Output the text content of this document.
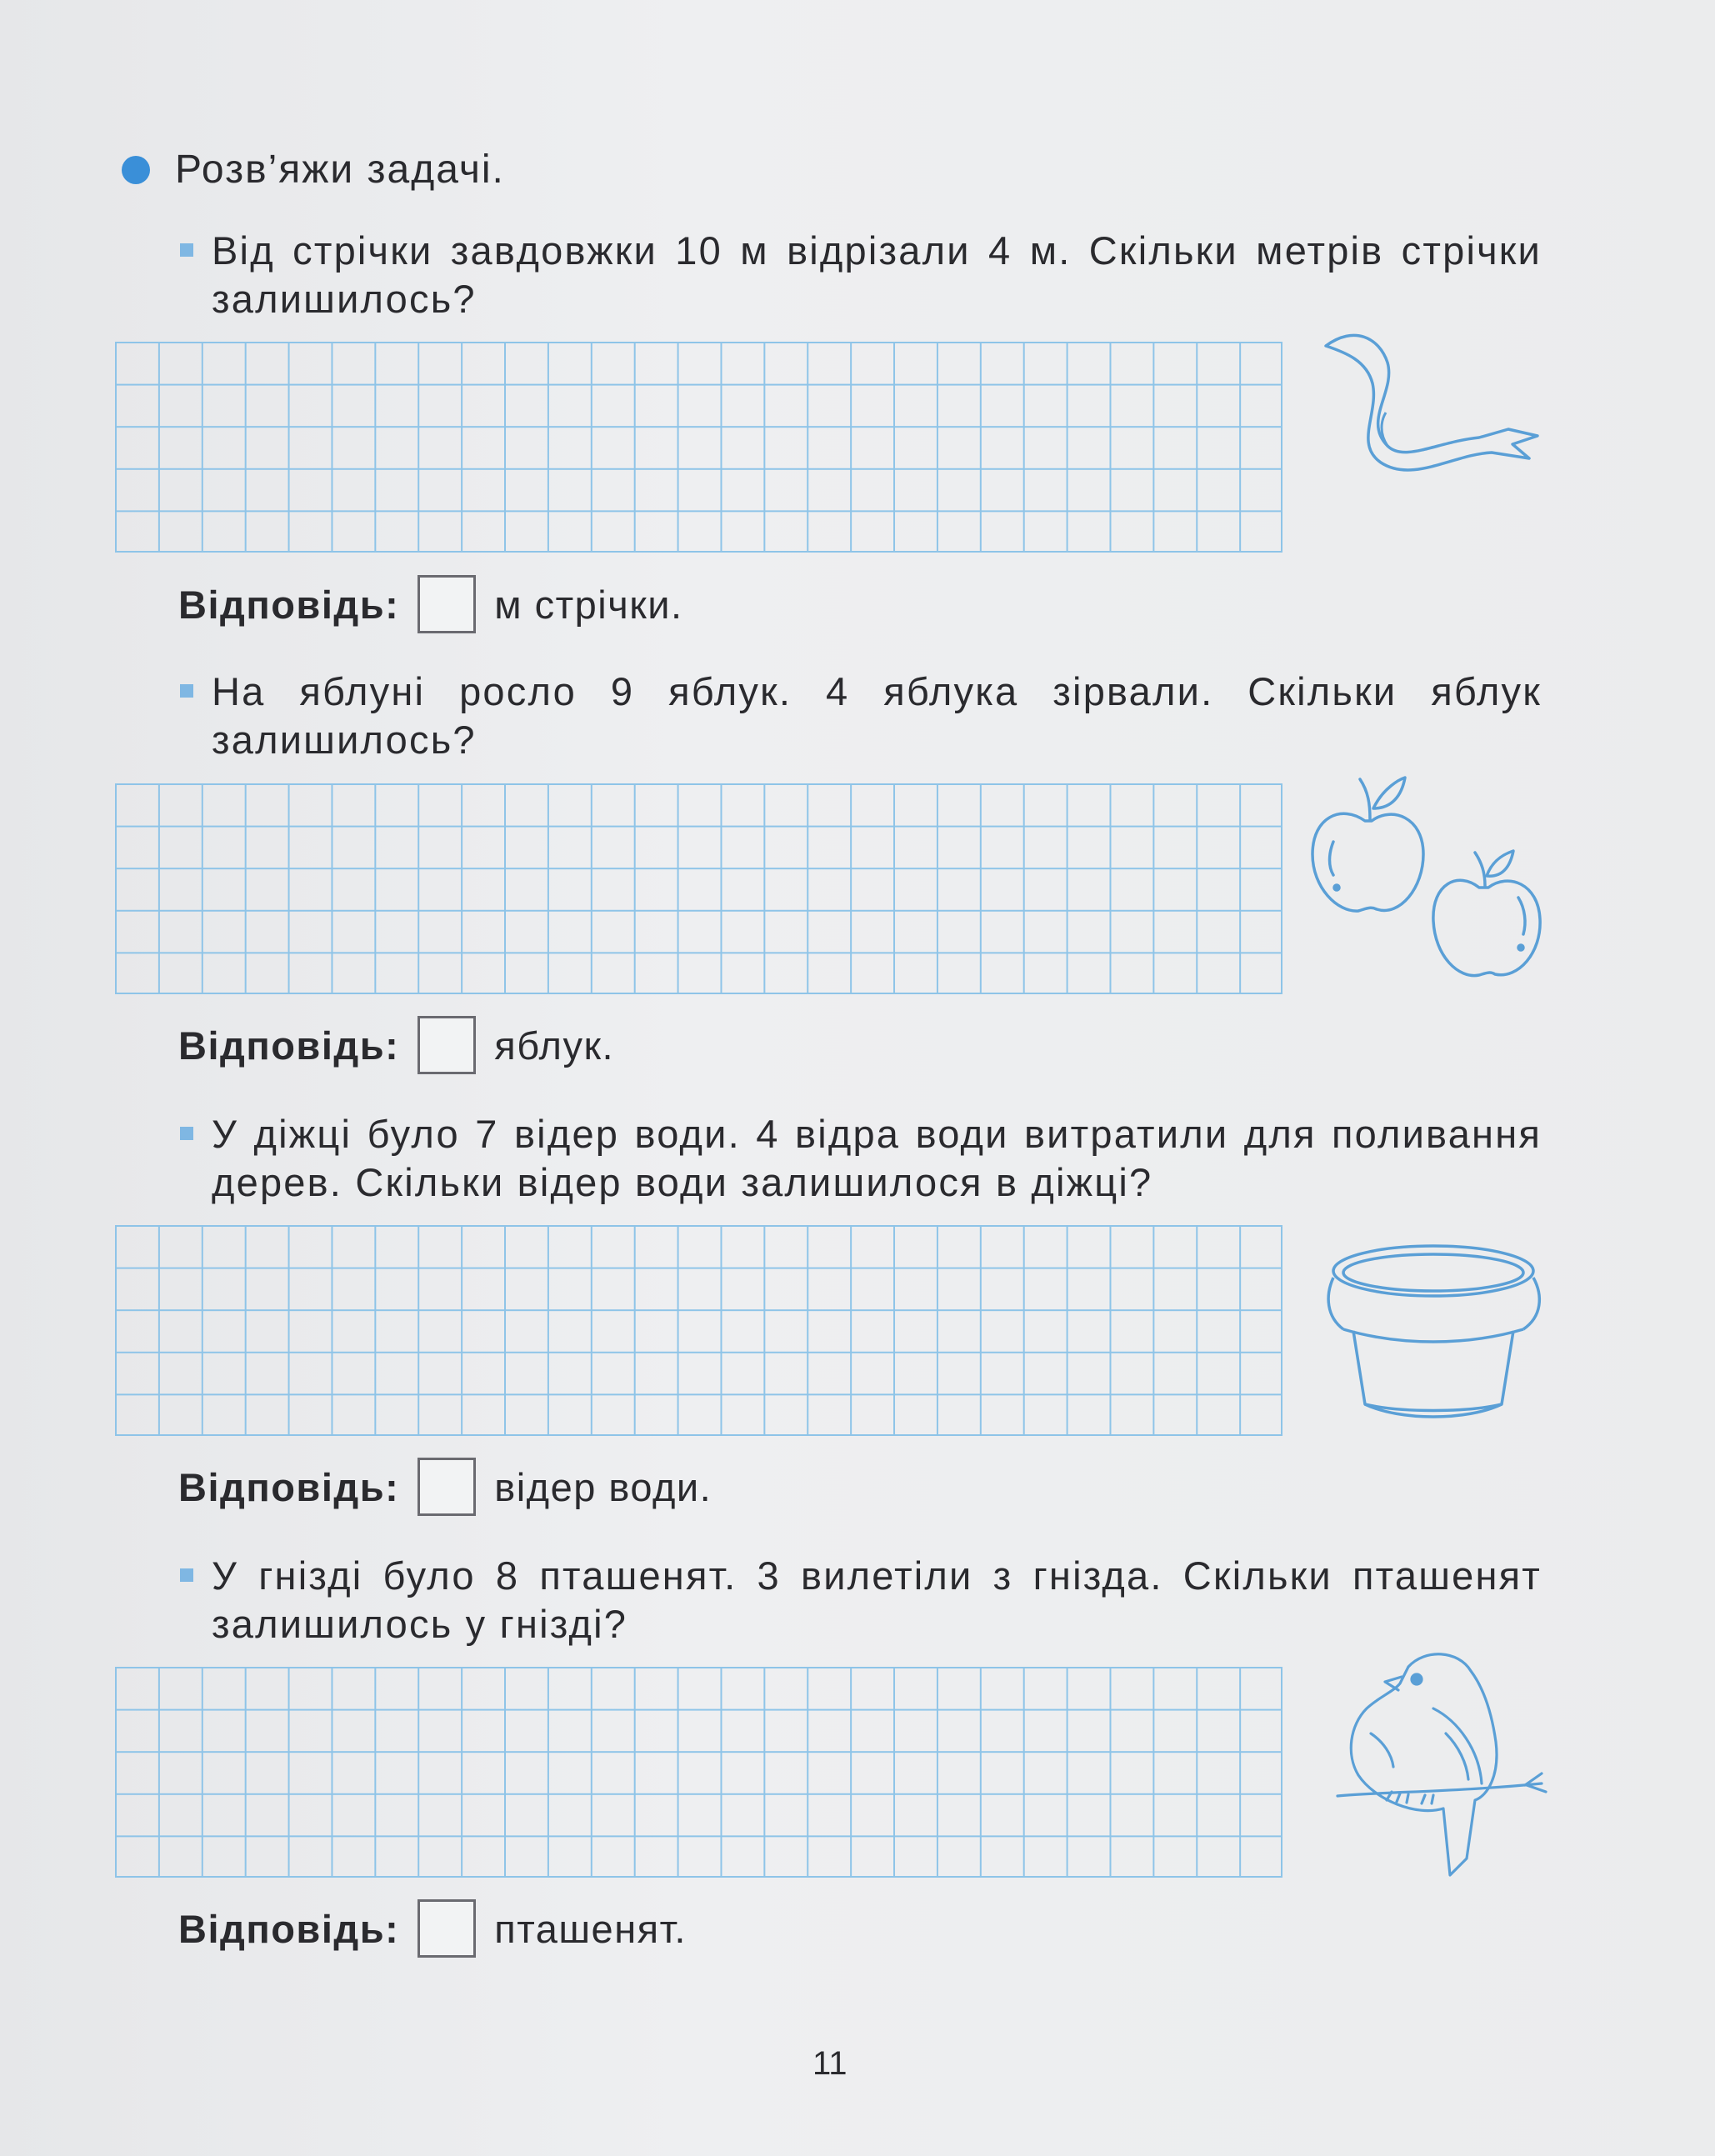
Розв’яжи задачі.

Від стрічки завдовжки 10 м відрізали 4 м. Скільки метрів стрічки залишилось?

Відповідь: м стрічки.

На яблуні росло 9 яблук. 4 яблука зірвали. Скільки яблук залишилось?

Відповідь: яблук.

У діжці було 7 відер води. 4 відра води витратили для поливання дерев. Скільки відер води залишилося в діжці?

Відповідь: відер води.

У гнізді було 8 пташенят. 3 вилетіли з гнізда. Скільки пташенят залишилось у гнізді?

Відповідь: пташенят.
11
